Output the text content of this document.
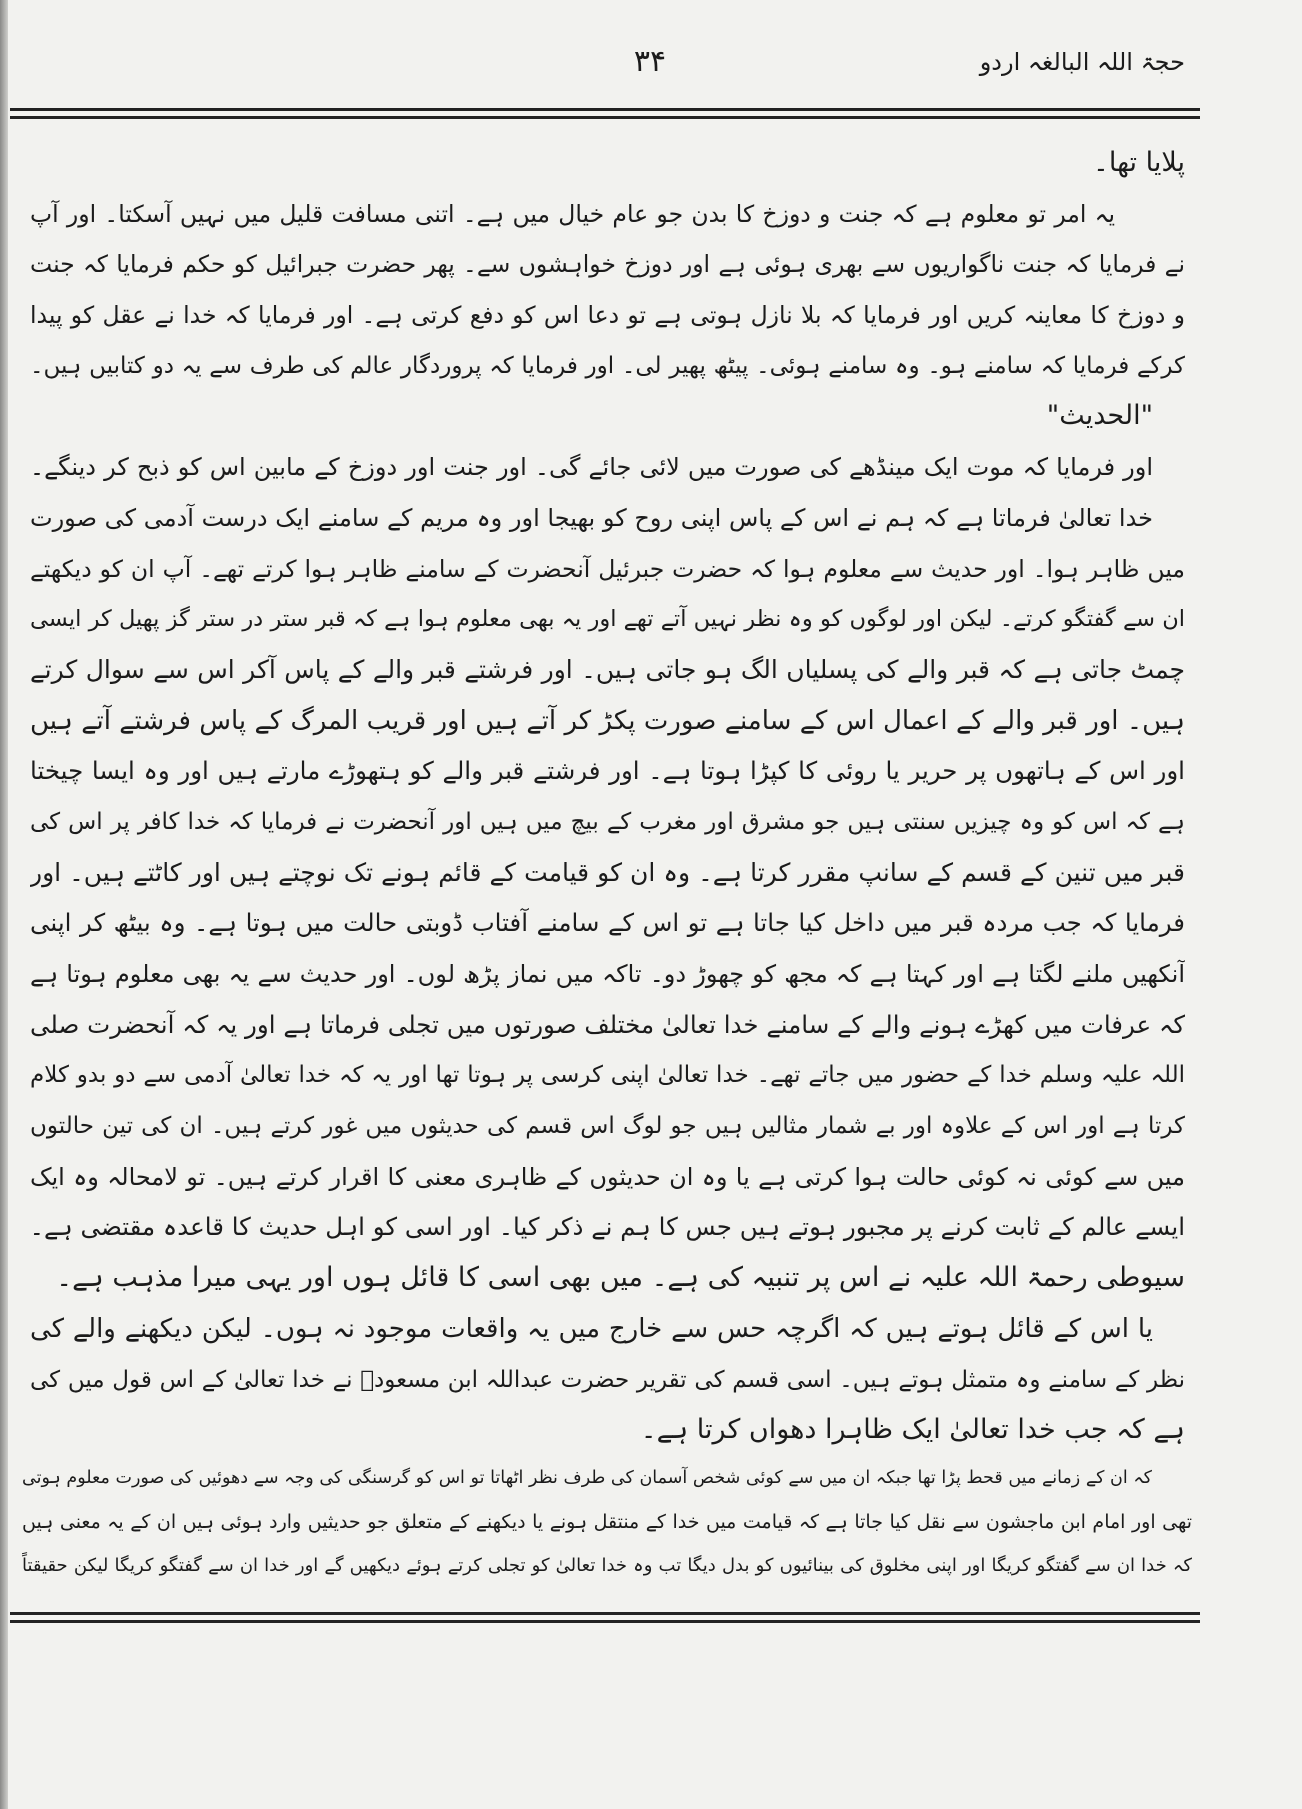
حجۃ اللہ البالغہ اردو
۳۴
پلایا تھا۔
یہ امر تو معلوم ہے کہ جنت و دوزخ کا بدن جو عام خیال میں ہے۔ اتنی مسافت قلیل میں نہیں آسکتا۔ اور آپ
نے فرمایا کہ جنت ناگواریوں سے بھری ہوئی ہے اور دوزخ خواہشوں سے۔ پھر حضرت جبرائیل کو حکم فرمایا کہ جنت
و دوزخ کا معاینہ کریں اور فرمایا کہ بلا نازل ہوتی ہے تو دعا اس کو دفع کرتی ہے۔ اور فرمایا کہ خدا نے عقل کو پیدا
کرکے فرمایا کہ سامنے ہو۔ وہ سامنے ہوئی۔ پیٹھ پھیر لی۔ اور فرمایا کہ پروردگار عالم کی طرف سے یہ دو کتابیں ہیں۔
"الحدیث"
اور فرمایا کہ موت ایک مینڈھے کی صورت میں لائی جائے گی۔ اور جنت اور دوزخ کے مابین اس کو ذبح کر دینگے۔
خدا تعالیٰ فرماتا ہے کہ ہم نے اس کے پاس اپنی روح کو بھیجا اور وہ مریم کے سامنے ایک درست آدمی کی صورت
میں ظاہر ہوا۔ اور حدیث سے معلوم ہوا کہ حضرت جبرئیل آنحضرت کے سامنے ظاہر ہوا کرتے تھے۔ آپ ان کو دیکھتے
ان سے گفتگو کرتے۔ لیکن اور لوگوں کو وہ نظر نہیں آتے تھے اور یہ بھی معلوم ہوا ہے کہ قبر ستر در ستر گز پھیل کر ایسی
چمٹ جاتی ہے کہ قبر والے کی پسلیاں الگ ہو جاتی ہیں۔ اور فرشتے قبر والے کے پاس آکر اس سے سوال کرتے
ہیں۔ اور قبر والے کے اعمال اس کے سامنے صورت پکڑ کر آتے ہیں اور قریب المرگ کے پاس فرشتے آتے ہیں
اور اس کے ہاتھوں پر حریر یا روئی کا کپڑا ہوتا ہے۔ اور فرشتے قبر والے کو ہتھوڑے مارتے ہیں اور وہ ایسا چیختا
ہے کہ اس کو وہ چیزیں سنتی ہیں جو مشرق اور مغرب کے بیچ میں ہیں اور آنحضرت نے فرمایا کہ خدا کافر پر اس کی
قبر میں تنین کے قسم کے سانپ مقرر کرتا ہے۔ وہ ان کو قیامت کے قائم ہونے تک نوچتے ہیں اور کاٹتے ہیں۔ اور
فرمایا کہ جب مردہ قبر میں داخل کیا جاتا ہے تو اس کے سامنے آفتاب ڈوبتی حالت میں ہوتا ہے۔ وہ بیٹھ کر اپنی
آنکھیں ملنے لگتا ہے اور کہتا ہے کہ مجھ کو چھوڑ دو۔ تاکہ میں نماز پڑھ لوں۔ اور حدیث سے یہ بھی معلوم ہوتا ہے
کہ عرفات میں کھڑے ہونے والے کے سامنے خدا تعالیٰ مختلف صورتوں میں تجلی فرماتا ہے اور یہ کہ آنحضرت صلی
اللہ علیہ وسلم خدا کے حضور میں جاتے تھے۔ خدا تعالیٰ اپنی کرسی پر ہوتا تھا اور یہ کہ خدا تعالیٰ آدمی سے دو بدو کلام
کرتا ہے اور اس کے علاوہ اور بے شمار مثالیں ہیں جو لوگ اس قسم کی حدیثوں میں غور کرتے ہیں۔ ان کی تین حالتوں
میں سے کوئی نہ کوئی حالت ہوا کرتی ہے یا وہ ان حدیثوں کے ظاہری معنی کا اقرار کرتے ہیں۔ تو لامحالہ وہ ایک
ایسے عالم کے ثابت کرنے پر مجبور ہوتے ہیں جس کا ہم نے ذکر کیا۔ اور اسی کو اہل حدیث کا قاعدہ مقتضی ہے۔
سیوطی رحمۃ اللہ علیہ نے اس پر تنبیہ کی ہے۔ میں بھی اسی کا قائل ہوں اور یہی میرا مذہب ہے۔
یا اس کے قائل ہوتے ہیں کہ اگرچہ حس سے خارج میں یہ واقعات موجود نہ ہوں۔ لیکن دیکھنے والے کی
نظر کے سامنے وہ متمثل ہوتے ہیں۔ اسی قسم کی تقریر حضرت عبداللہ ابن مسعودؓ نے خدا تعالیٰ کے اس قول میں کی
ہے کہ جب خدا تعالیٰ ایک ظاہرا دھواں کرتا ہے۔
کہ ان کے زمانے میں قحط پڑا تھا جبکہ ان میں سے کوئی شخص آسمان کی طرف نظر اٹھاتا تو اس کو گرسنگی کی وجہ سے دھوئیں کی صورت معلوم ہوتی
تھی اور امام ابن ماجشون سے نقل کیا جاتا ہے کہ قیامت میں خدا کے منتقل ہونے یا دیکھنے کے متعلق جو حدیثیں وارد ہوئی ہیں ان کے یہ معنی ہیں
کہ خدا ان سے گفتگو کریگا اور اپنی مخلوق کی بینائیوں کو بدل دیگا تب وہ خدا تعالیٰ کو تجلی کرتے ہوئے دیکھیں گے اور خدا ان سے گفتگو کریگا لیکن حقیقتاً
